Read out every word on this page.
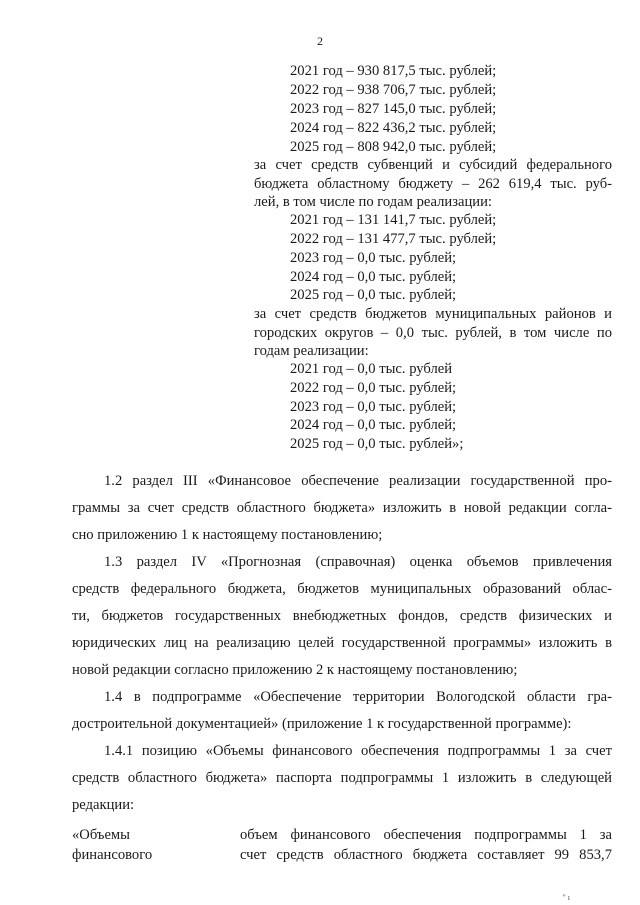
2
2021 год – 930 817,5 тыс. рублей;
2022 год – 938 706,7 тыс. рублей;
2023 год – 827 145,0 тыс. рублей;
2024 год – 822 436,2 тыс. рублей;
2025 год – 808 942,0 тыс. рублей;
за счет средств субвенций и субсидий федерального
бюджета областному бюджету – 262 619,4 тыс. руб-
лей, в том числе по годам реализации:
2021 год – 131 141,7 тыс. рублей;
2022 год – 131 477,7 тыс. рублей;
2023 год – 0,0 тыс. рублей;
2024 год – 0,0 тыс. рублей;
2025 год – 0,0 тыс. рублей;
за счет средств бюджетов муниципальных районов и
городских округов – 0,0 тыс. рублей, в том числе по
годам реализации:
2021 год – 0,0 тыс. рублей
2022 год – 0,0 тыс. рублей;
2023 год – 0,0 тыс. рублей;
2024 год – 0,0 тыс. рублей;
2025 год – 0,0 тыс. рублей»;
1.2 раздел III «Финансовое обеспечение реализации государственной про-
граммы за счет средств областного бюджета» изложить в новой редакции согла-
сно приложению 1 к настоящему постановлению;
1.3 раздел IV «Прогнозная (справочная) оценка объемов привлечения
средств федерального бюджета, бюджетов муниципальных образований облас-
ти, бюджетов государственных внебюджетных фондов, средств физических и
юридических лиц на реализацию целей государственной программы» изложить в
новой редакции согласно приложению 2 к настоящему постановлению;
1.4 в подпрограмме «Обеспечение территории Вологодской области гра-
достроительной документацией» (приложение 1 к государственной программе):
1.4.1 позицию «Объемы финансового обеспечения подпрограммы 1 за счет
средств областного бюджета» паспорта подпрограммы 1 изложить в следующей
редакции:
«Объемы
финансового
объем финансового обеспечения подпрограммы 1 за
счет средств областного бюджета составляет 99 853,7
" ı
